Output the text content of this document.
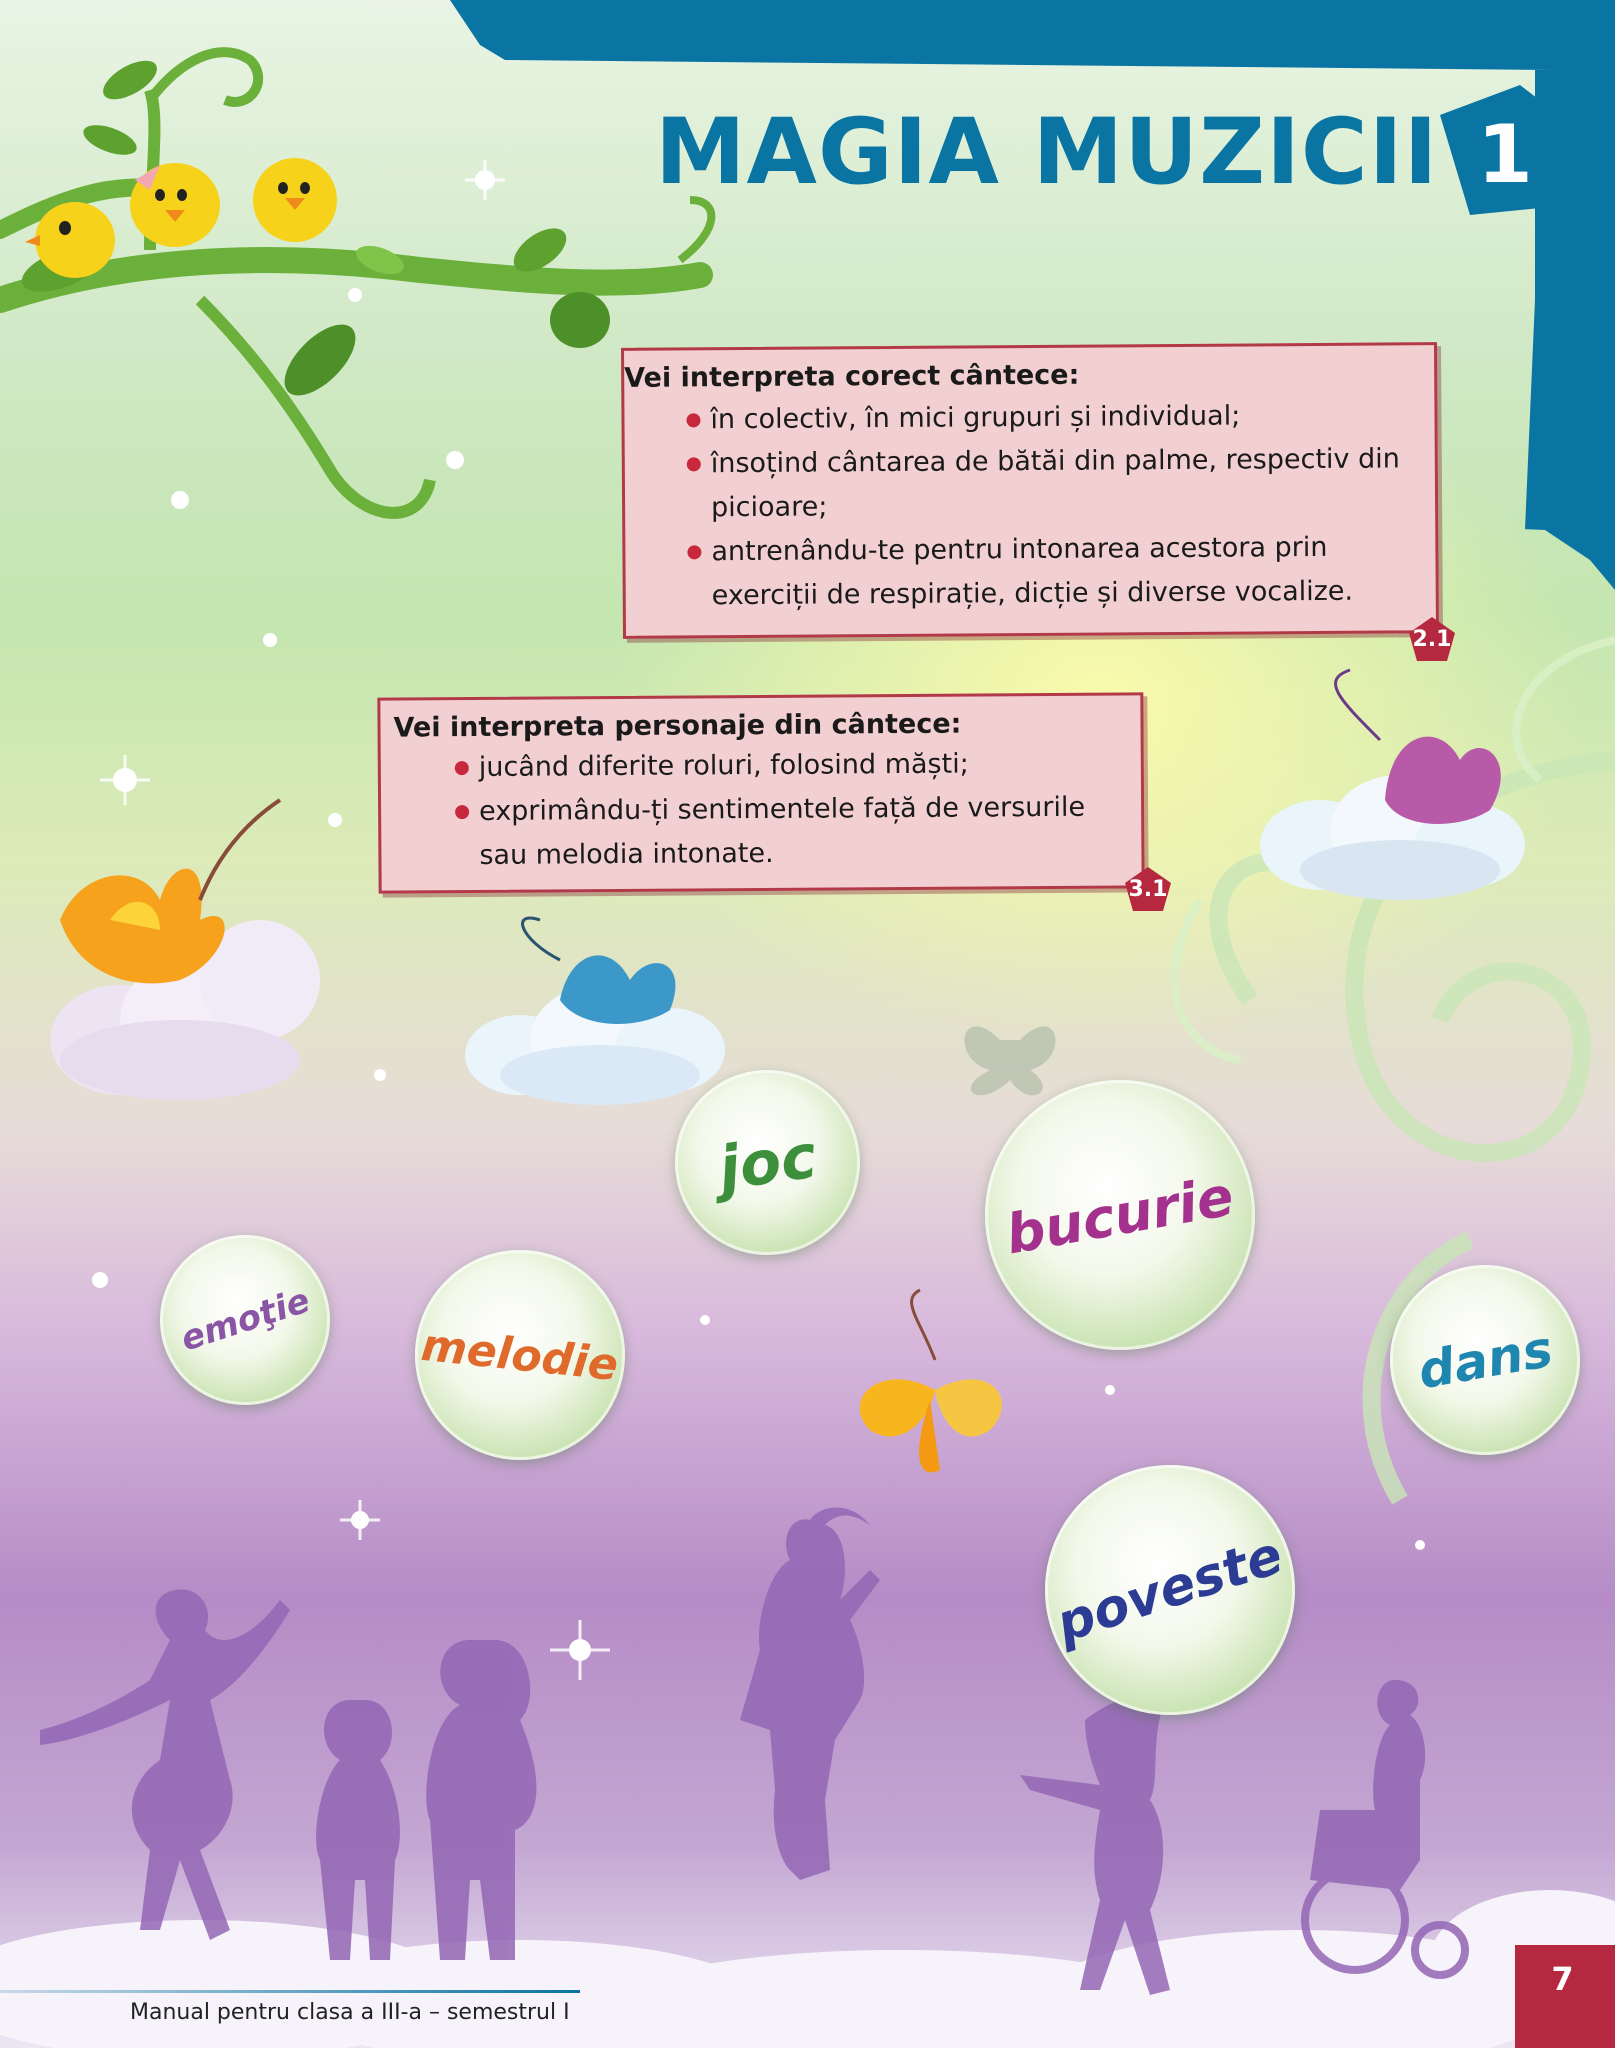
MAGIA MUZICII 1
Vei interpreta corect cântece:
în colectiv, în mici grupuri și individual;
însoțind cântarea de bătăi din palme, respectiv din picioare;
antrenându-te pentru intonarea acestora prin exerciții de respirație, dicție și diverse vocalize.
2.1
Vei interpreta personaje din cântece:
jucând diferite roluri, folosind măști;
exprimându-ți sentimentele față de versurile sau melodia intonate.
3.1
joc
bucurie
emoţie melodie	dans
poveste
Manual pentru clasa a III-a – semestrul I
7
